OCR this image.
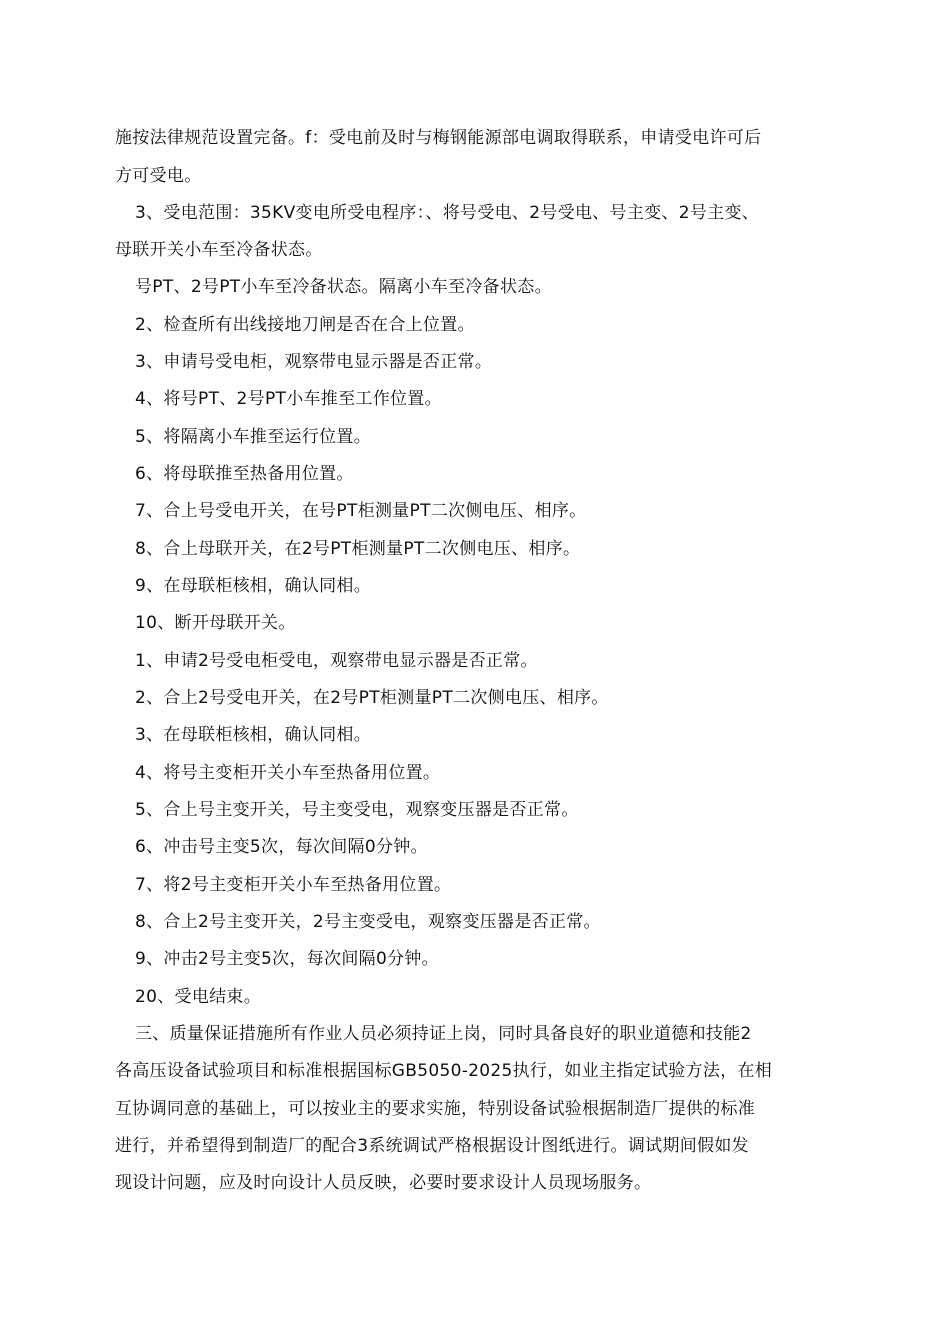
施按法律规范设置完备。f：受电前及时与梅钢能源部电调取得联系，申请受电许可后
方可受电。
3、受电范围：35KV变电所受电程序：、将号受电、2号受电、号主变、2号主变、
母联开关小车至冷备状态。
号PT、2号PT小车至冷备状态。隔离小车至冷备状态。
2、检查所有出线接地刀闸是否在合上位置。
3、申请号受电柜，观察带电显示器是否正常。
4、将号PT、2号PT小车推至工作位置。
5、将隔离小车推至运行位置。
6、将母联推至热备用位置。
7、合上号受电开关，在号PT柜测量PT二次侧电压、相序。
8、合上母联开关，在2号PT柜测量PT二次侧电压、相序。
9、在母联柜核相，确认同相。
10、断开母联开关。
1、申请2号受电柜受电，观察带电显示器是否正常。
2、合上2号受电开关，在2号PT柜测量PT二次侧电压、相序。
3、在母联柜核相，确认同相。
4、将号主变柜开关小车至热备用位置。
5、合上号主变开关，号主变受电，观察变压器是否正常。
6、冲击号主变5次，每次间隔0分钟。
7、将2号主变柜开关小车至热备用位置。
8、合上2号主变开关，2号主变受电，观察变压器是否正常。
9、冲击2号主变5次，每次间隔0分钟。
20、受电结束。
三、质量保证措施所有作业人员必须持证上岗，同时具备良好的职业道德和技能2
各高压设备试验项目和标准根据国标GB5050-2025执行，如业主指定试验方法，在相
互协调同意的基础上，可以按业主的要求实施，特别设备试验根据制造厂提供的标准
进行，并希望得到制造厂的配合3系统调试严格根据设计图纸进行。调试期间假如发
现设计问题，应及时向设计人员反映，必要时要求设计人员现场服务。
